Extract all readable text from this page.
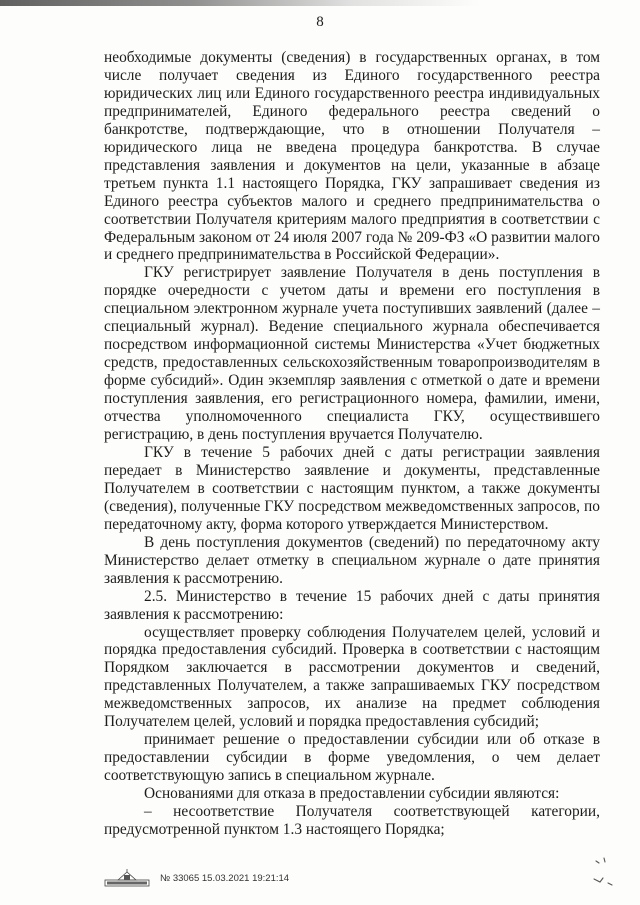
8

необходимые документы (сведения) в государственных органах, в том числе получает сведения из Единого государственного реестра юридических лиц или Единого государственного реестра индивидуальных предпринимателей, Единого федерального реестра сведений о банкротстве, подтверждающие, что в отношении Получателя – юридического лица не введена процедура банкротства. В случае представления заявления и документов на цели, указанные в абзаце третьем пункта 1.1 настоящего Порядка, ГКУ запрашивает сведения из Единого реестра субъектов малого и среднего предпринимательства о соответствии Получателя критериям малого предприятия в соответствии с Федеральным законом от 24 июля 2007 года № 209-ФЗ «О развитии малого и среднего предпринимательства в Российской Федерации».

ГКУ регистрирует заявление Получателя в день поступления в порядке очередности с учетом даты и времени его поступления в специальном электронном журнале учета поступивших заявлений (далее – специальный журнал). Ведение специального журнала обеспечивается посредством информационной системы Министерства «Учет бюджетных средств, предоставленных сельскохозяйственным товаропроизводителям в форме субсидий». Один экземпляр заявления с отметкой о дате и времени поступления заявления, его регистрационного номера, фамилии, имени, отчества уполномоченного специалиста ГКУ, осуществившего регистрацию, в день поступления вручается Получателю.

ГКУ в течение 5 рабочих дней с даты регистрации заявления передает в Министерство заявление и документы, представленные Получателем в соответствии с настоящим пунктом, а также документы (сведения), полученные ГКУ посредством межведомственных запросов, по передаточному акту, форма которого утверждается Министерством.

В день поступления документов (сведений) по передаточному акту Министерство делает отметку в специальном журнале о дате принятия заявления к рассмотрению.

2.5. Министерство в течение 15 рабочих дней с даты принятия заявления к рассмотрению:

осуществляет проверку соблюдения Получателем целей, условий и порядка предоставления субсидий. Проверка в соответствии с настоящим Порядком заключается в рассмотрении документов и сведений, представленных Получателем, а также запрашиваемых ГКУ посредством межведомственных запросов, их анализе на предмет соблюдения Получателем целей, условий и порядка предоставления субсидий;

принимает решение о предоставлении субсидии или об отказе в предоставлении субсидии в форме уведомления, о чем делает соответствующую запись в специальном журнале.

Основаниями для отказа в предоставлении субсидии являются:

– несоответствие Получателя соответствующей категории, предусмотренной пунктом 1.3 настоящего Порядка;

№ 33065 15.03.2021 19:21:14
